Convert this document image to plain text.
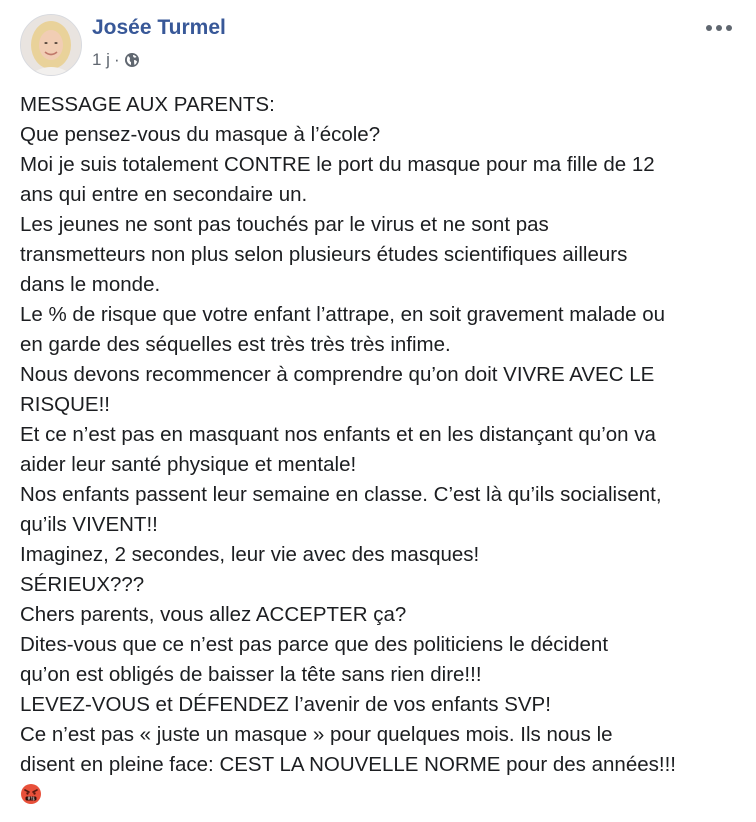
Josée Turmel
1 j ·
MESSAGE AUX PARENTS:
Que pensez-vous du masque à l’école?
Moi je suis totalement CONTRE le port du masque pour ma fille de 12
ans qui entre en secondaire un.
Les jeunes ne sont pas touchés par le virus et ne sont pas
transmetteurs non plus selon plusieurs études scientifiques ailleurs
dans le monde.
Le % de risque que votre enfant l’attrape, en soit gravement malade ou
en garde des séquelles est très très très infime.
Nous devons recommencer à comprendre qu’on doit VIVRE AVEC LE
RISQUE!!
Et ce n’est pas en masquant nos enfants et en les distançant qu’on va
aider leur santé physique et mentale!
Nos enfants passent leur semaine en classe. C’est là qu’ils socialisent,
qu’ils VIVENT!!
Imaginez, 2 secondes, leur vie avec des masques!
SÉRIEUX???
Chers parents, vous allez ACCEPTER ça?
Dites-vous que ce n’est pas parce que des politiciens le décident
qu’on est obligés de baisser la tête sans rien dire!!!
LEVEZ-VOUS et DÉFENDEZ l’avenir de vos enfants SVP!
Ce n’est pas « juste un masque » pour quelques mois. Ils nous le
disent en pleine face: CEST LA NOUVELLE NORME pour des années!!!
#!$
